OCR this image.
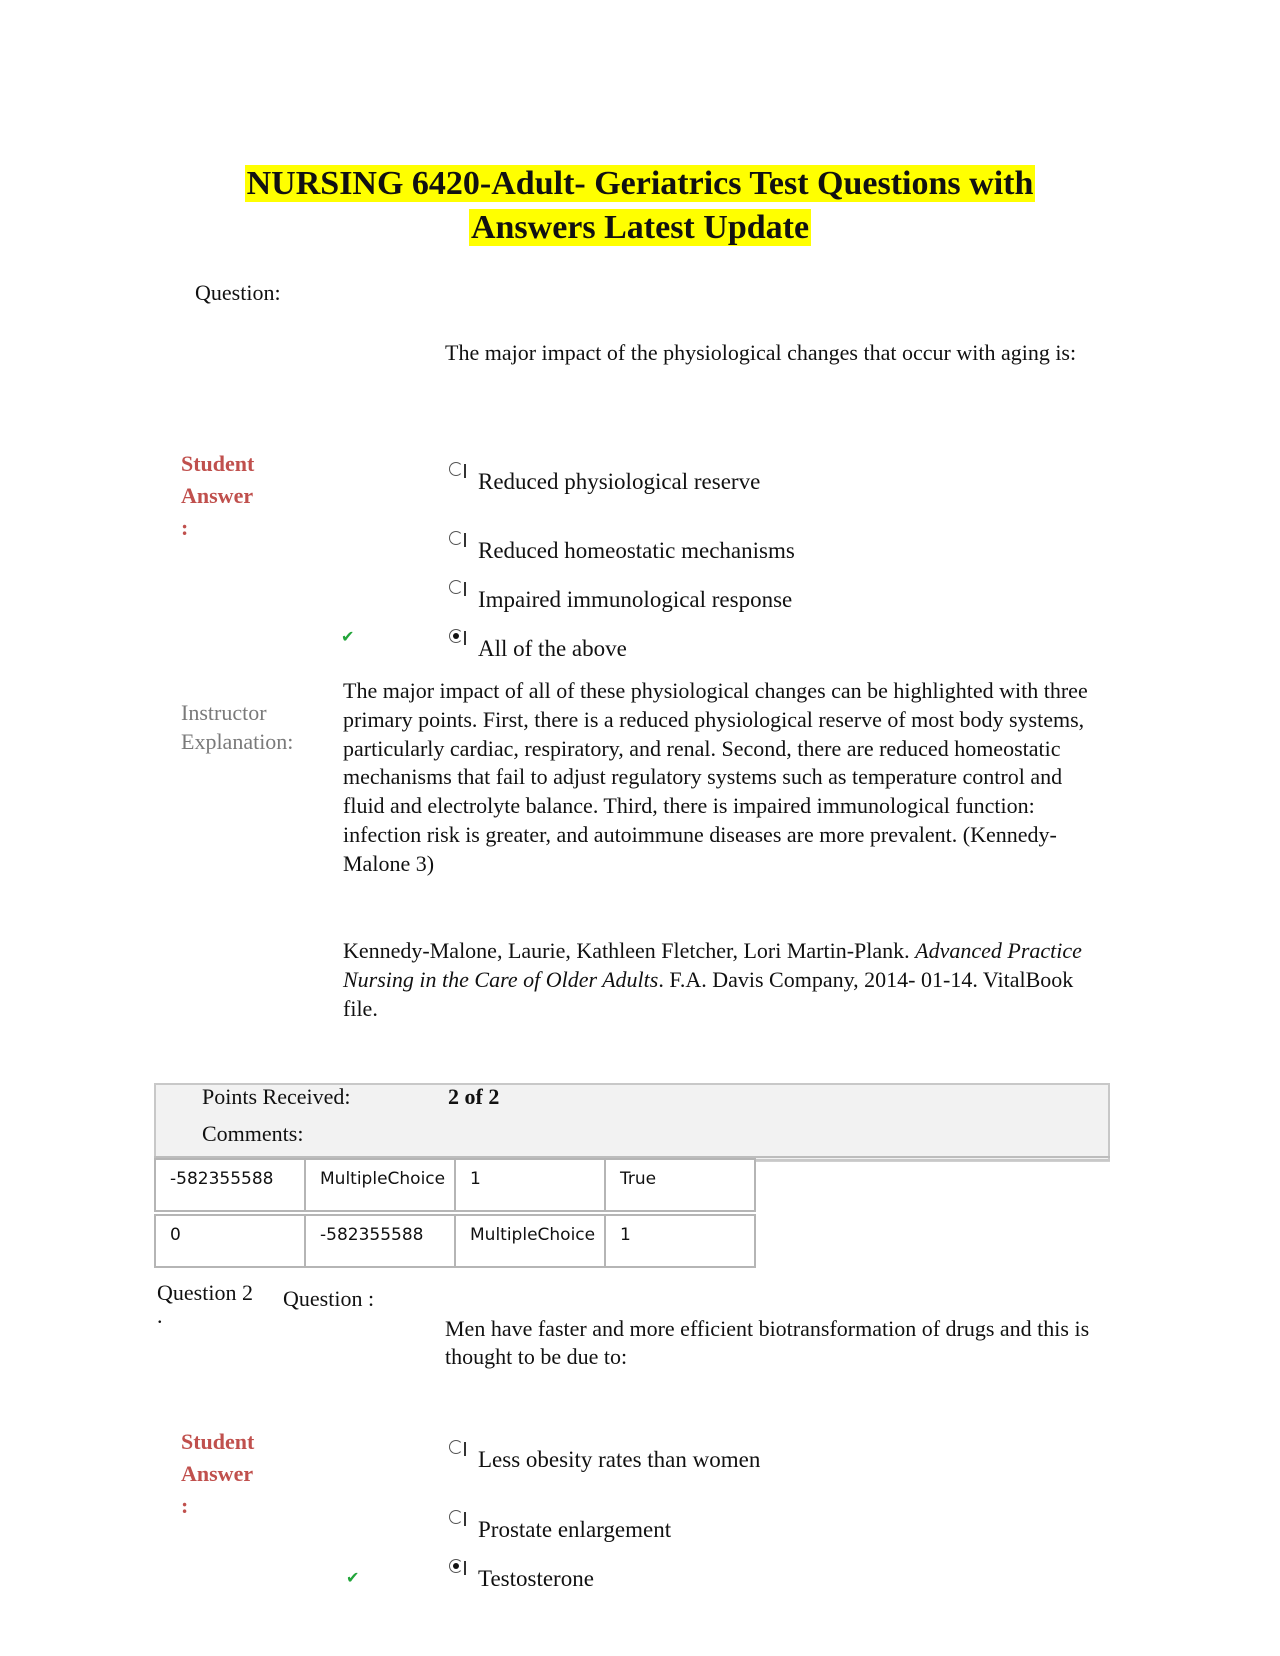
NURSING 6420-Adult- Geriatrics Test Questions with
Answers Latest Update
Question:
The major impact of the physiological changes that occur with aging is:
Student
Answer
:
Reduced physiological reserve
Reduced homeostatic mechanisms
Impaired immunological response
✔	All of the above
Instructor
Explanation:
The major impact of all of these physiological changes can be highlighted with three primary points. First, there is a reduced physiological reserve of most body systems, particularly cardiac, respiratory, and renal. Second, there are reduced homeostatic mechanisms that fail to adjust regulatory systems such as temperature control and fluid and electrolyte balance. Third, there is impaired immunological function: infection risk is greater, and autoimmune diseases are more prevalent. (Kennedy-Malone 3)
Kennedy-Malone, Laurie, Kathleen Fletcher, Lori Martin-Plank. Advanced Practice Nursing in the Care of Older Adults. F.A. Davis Company, 2014- 01-14. VitalBook file.
Points Received:	2 of 2
Comments:
-582355588	MultipleChoice	1	True
0	-582355588	MultipleChoice	1
Question 2
.
Question :
Men have faster and more efficient biotransformation of drugs and this is thought to be due to:
Student
Answer
:
Less obesity rates than women
Prostate enlargement
✔	Testosterone
